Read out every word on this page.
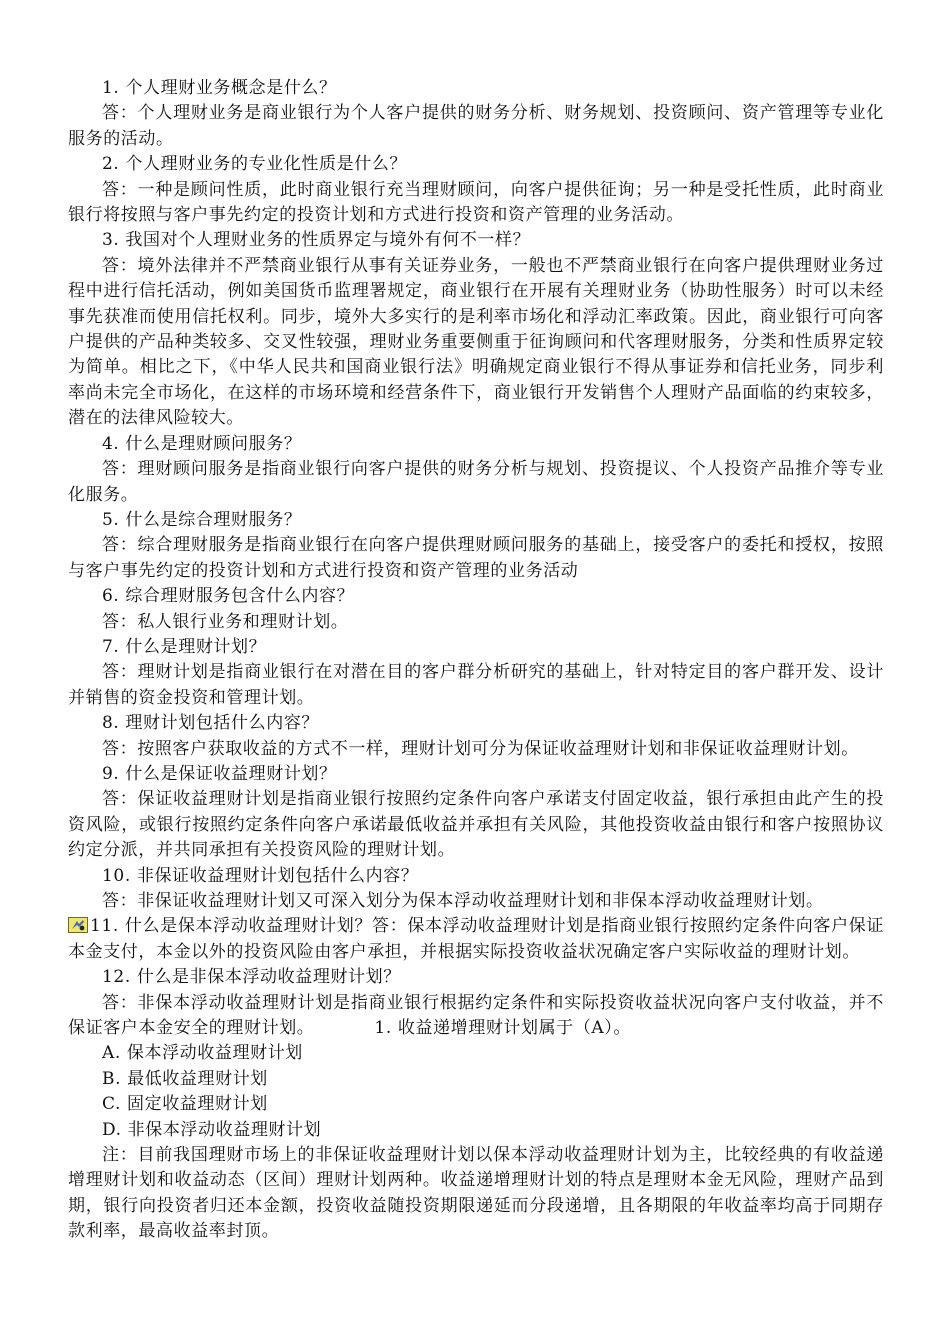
1. 个人理财业务概念是什么？

答：个人理财业务是商业银行为个人客户提供的财务分析、财务规划、投资顾问、资产管理等专业化服务的活动。

2. 个人理财业务的专业化性质是什么？

答：一种是顾问性质，此时商业银行充当理财顾问，向客户提供征询；另一种是受托性质，此时商业银行将按照与客户事先约定的投资计划和方式进行投资和资产管理的业务活动。

3. 我国对个人理财业务的性质界定与境外有何不一样？

答：境外法律并不严禁商业银行从事有关证券业务，一般也不严禁商业银行在向客户提供理财业务过程中进行信托活动，例如美国货币监理署规定，商业银行在开展有关理财业务（协助性服务）时可以未经事先获准而使用信托权利。同步，境外大多实行的是利率市场化和浮动汇率政策。因此，商业银行可向客户提供的产品种类较多、交叉性较强，理财业务重要侧重于征询顾问和代客理财服务，分类和性质界定较为简单。相比之下，《中华人民共和国商业银行法》明确规定商业银行不得从事证券和信托业务，同步利率尚未完全市场化，在这样的市场环境和经营条件下，商业银行开发销售个人理财产品面临的约束较多，潜在的法律风险较大。

4. 什么是理财顾问服务？

答：理财顾问服务是指商业银行向客户提供的财务分析与规划、投资提议、个人投资产品推介等专业化服务。

5. 什么是综合理财服务？

答：综合理财服务是指商业银行在向客户提供理财顾问服务的基础上，接受客户的委托和授权，按照与客户事先约定的投资计划和方式进行投资和资产管理的业务活动

6. 综合理财服务包含什么内容？

答：私人银行业务和理财计划。

7. 什么是理财计划？

答：理财计划是指商业银行在对潜在目的客户群分析研究的基础上，针对特定目的客户群开发、设计并销售的资金投资和管理计划。

8. 理财计划包括什么内容？

答：按照客户获取收益的方式不一样，理财计划可分为保证收益理财计划和非保证收益理财计划。

9. 什么是保证收益理财计划？

答：保证收益理财计划是指商业银行按照约定条件向客户承诺支付固定收益，银行承担由此产生的投资风险，或银行按照约定条件向客户承诺最低收益并承担有关风险，其他投资收益由银行和客户按照协议约定分派，并共同承担有关投资风险的理财计划。

10. 非保证收益理财计划包括什么内容？

答：非保证收益理财计划又可深入划分为保本浮动收益理财计划和非保本浮动收益理财计划。

11. 什么是保本浮动收益理财计划？答：保本浮动收益理财计划是指商业银行按照约定条件向客户保证本金支付，本金以外的投资风险由客户承担，并根据实际投资收益状况确定客户实际收益的理财计划。

12. 什么是非保本浮动收益理财计划？

答：非保本浮动收益理财计划是指商业银行根据约定条件和实际投资收益状况向客户支付收益，并不保证客户本金安全的理财计划。	1. 收益递增理财计划属于（A）。

A. 保本浮动收益理财计划

B. 最低收益理财计划

C. 固定收益理财计划

D. 非保本浮动收益理财计划

注：目前我国理财市场上的非保证收益理财计划以保本浮动收益理财计划为主，比较经典的有收益递增理财计划和收益动态（区间）理财计划两种。收益递增理财计划的特点是理财本金无风险，理财产品到期，银行向投资者归还本金额，投资收益随投资期限递延而分段递增，且各期限的年收益率均高于同期存款利率，最高收益率封顶。
